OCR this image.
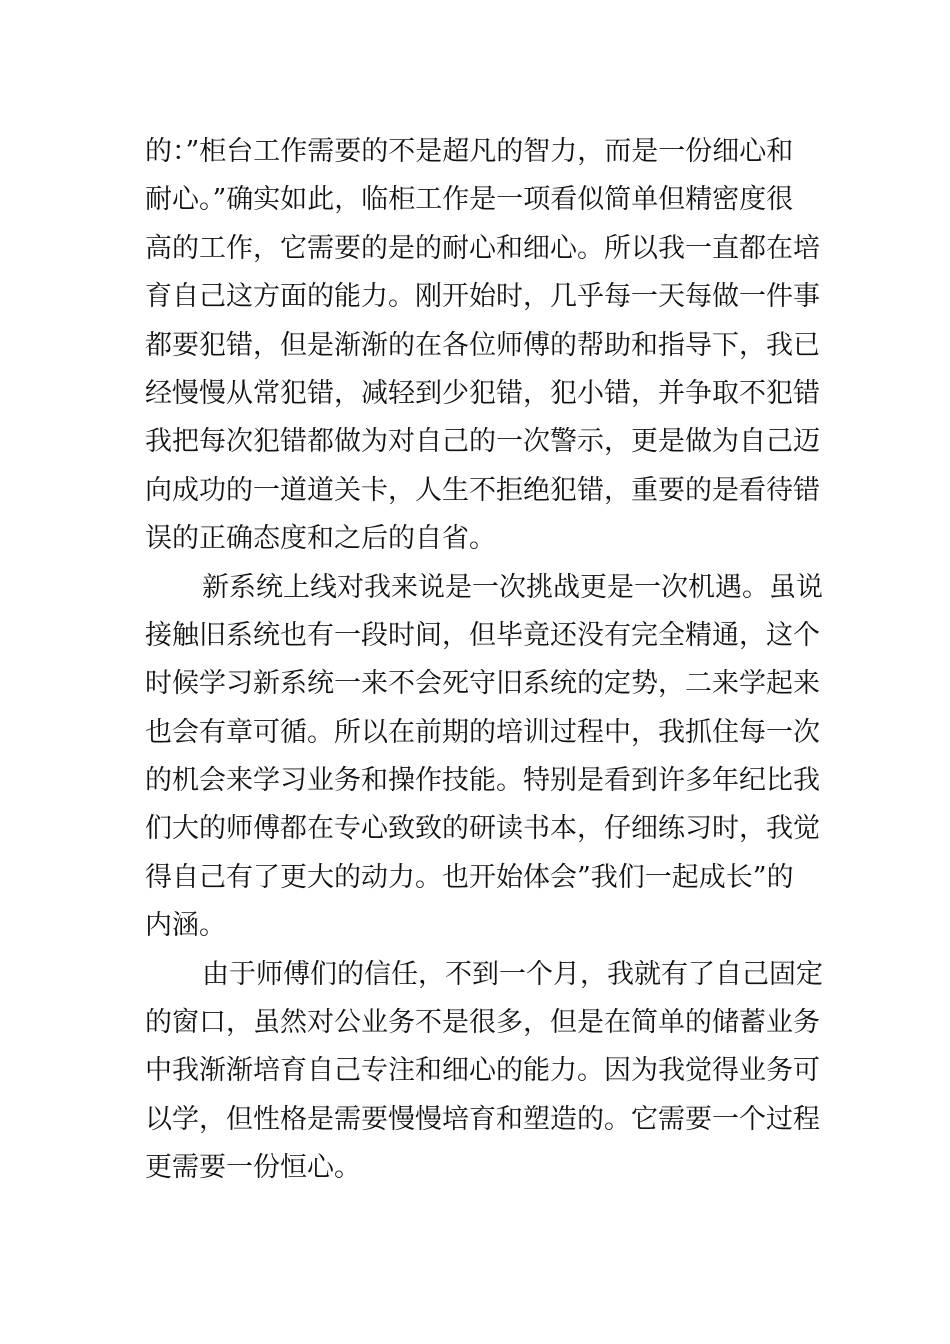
的：”柜台工作需要的不是超凡的智力，而是一份细心和
耐心。”确实如此，临柜工作是一项看似简单但精密度很
高的工作，它需要的是的耐心和细心。所以我一直都在培
育自己这方面的能力。刚开始时，几乎每一天每做一件事
都要犯错，但是渐渐的在各位师傅的帮助和指导下，我已
经慢慢从常犯错，减轻到少犯错，犯小错，并争取不犯错
我把每次犯错都做为对自己的一次警示，更是做为自己迈
向成功的一道道关卡，人生不拒绝犯错，重要的是看待错
误的正确态度和之后的自省。
新系统上线对我来说是一次挑战更是一次机遇。虽说
接触旧系统也有一段时间，但毕竟还没有完全精通，这个
时候学习新系统一来不会死守旧系统的定势，二来学起来
也会有章可循。所以在前期的培训过程中，我抓住每一次
的机会来学习业务和操作技能。特别是看到许多年纪比我
们大的师傅都在专心致致的研读书本，仔细练习时，我觉
得自己有了更大的动力。也开始体会”我们一起成长”的
内涵。
由于师傅们的信任，不到一个月，我就有了自己固定
的窗口，虽然对公业务不是很多，但是在简单的储蓄业务
中我渐渐培育自己专注和细心的能力。因为我觉得业务可
以学，但性格是需要慢慢培育和塑造的。它需要一个过程
更需要一份恒心。
